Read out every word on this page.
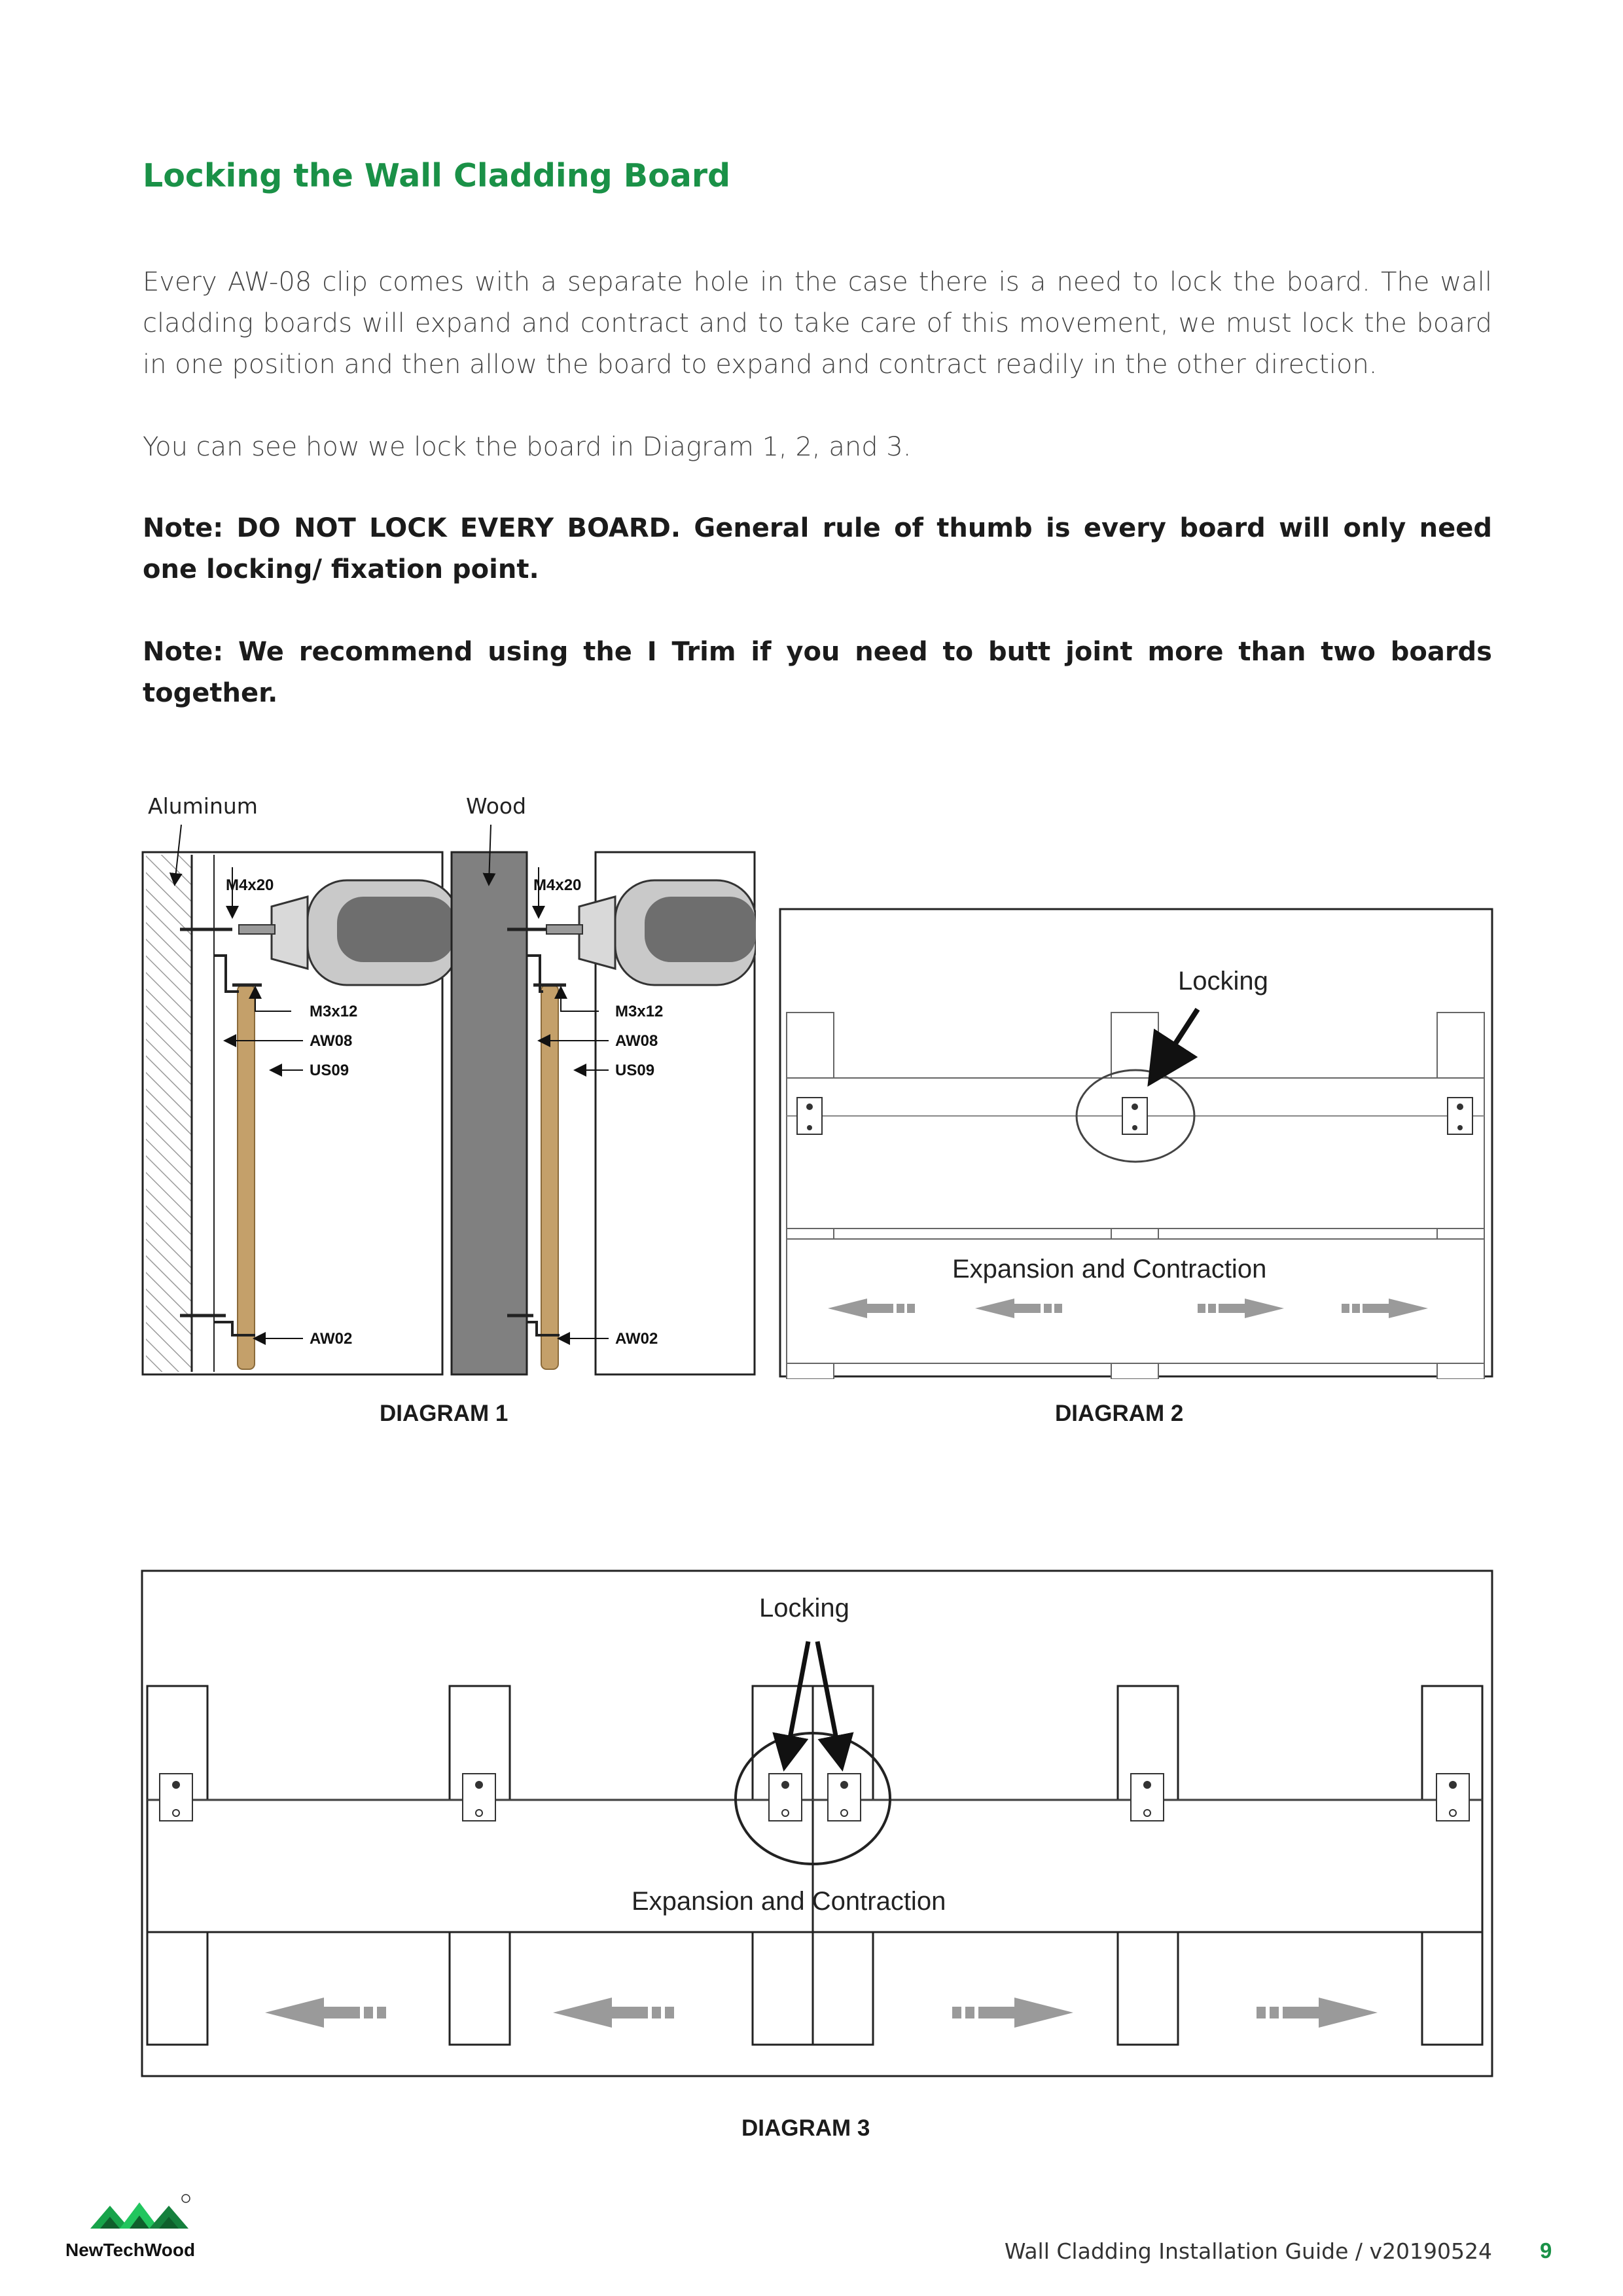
Locking the Wall Cladding Board
Every AW-08 clip comes with a separate hole in the case there is a need to lock the board. The wall cladding boards will expand and contract and to take care of this movement, we must lock the board in one position and then allow the board to expand and contract readily in the other direction.
You can see how we lock the board in Diagram 1, 2, and 3.
Note: DO NOT LOCK EVERY BOARD. General rule of thumb is every board will only need one locking/ fixation point.
Note: We recommend using the I Trim if you need to butt joint more than two boards together.
Aluminum	Wood
M4x20	M4x20
M3x12	M3x12
AW08	AW08
US09	US09
AW02	AW02
DIAGRAM 1
Locking
Expansion and Contraction
DIAGRAM 2
Locking
Expansion and Contraction
DIAGRAM 3
NewTechWood	Wall Cladding Installation Guide / v20190524 9
